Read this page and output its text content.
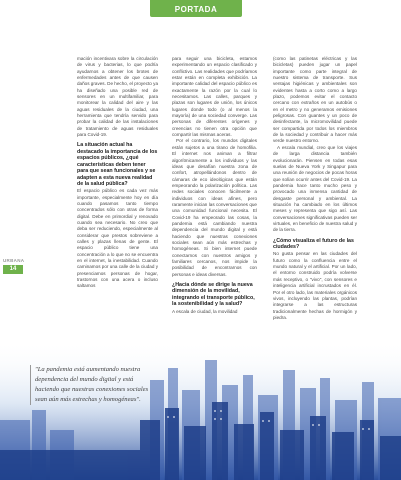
PORTADA
URBANA
14

mación incentivara sobre la circulación de virus y bacterias, lo que podría ayudarnos a obtener los brotes de enfermedades antes de que causen daños graves. De hecho, el proyecto ya ha diseñado una posible red de sensores en un multifamiliar, para monitorear la calidad del aire y las aguas residuales de la ciudad, una herramienta que tendría servido para probar la calidad de las instalaciones de tratamiento de aguas residuales para Covid-19.

La situación actual ha destacado la importancia de los espacios públicos, ¿qué características deben tener para que sean funcionales y se adapten a esta nueva realidad de la salud pública?

El espacio público es cada vez más importante, especialmente hoy en día cuando pasamos tanto tiempo concentrados sólo con otras de forma digital. Debe en primordial y renovado cuando sea necesario. No creo que deba ser reduciendo, especialmente al considerar que prestos sobreviene a calles y plazas llenas de gente. El espacio público tiene una concentración a lo que no se encuentra en el internet, la inestabilidad. Cuando caminamos por una calle de la ciudad y presenciamos personas de hogar, trastornos con una acera o incluso saltamos

para seguir una bicicleta, estamos experimentando un espacio clasificado y conflictivo. Las realidades que podríamos estar están en completa exhibición. La importante calidad del espacio público es exactamente la razón por la cual lo necesitamos. Las calles, parques y plazas son lugares de unión, los únicos lugares donde todo (o al menos la mayoría) de una sociedad converge. Las personas de diferentes orígenes y creencias no tienen otra opción que compartir las mismas aceras.

Por el contrario, los mundos digitales están sujetos a una tirano de homofilia. El internet nos animan a filtrar algorítmicamente a los individuos y las ideas que desafían nuestra zona de confort, atropellándonos dentro de cámaras de eco ideológicas que están empeorando la polarización política. Las redes sociales conocen fácilmente a individuos con ideas afines, pero raramente inician las conversaciones que una comunidad funcional necesita. El Covid-19 ha empeorado las cosas, la pandemia está cambiando nuestra dependencia del mundo digital y está haciendo que nuestras conexiones sociales sean aún más estrechas y homogéneas. Si bien internet puede conectarnos con nuestros amigos y familiares cercanos, nos impide la posibilidad de encontrarnos con personas e ideas diversas.

¿Hacia dónde se dirige la nueva dimensión de la movilidad, integrando el transporte público, la sostenibilidad y la salud?

A escala de ciudad, la movilidad

(como las patinetas eléctricas y las bicicletas) pueden jugar un papel importante como parte integral de nuestro sistema de transporte. Sus ventajas higiénicas y ambientales son evidentes hasta a corto como a largo plazo, podemos evitar el contacto cercano con extraños en un autobús o en el metro y no generamos emisiones peligrosas. Con guantes y un poco de desinfectante, la micromovilidad puede ser compartida por todos los miembros de la sociedad y contribuir a hacer más verde nuestro entorno.

A escala mundial, creo que los viajes de larga distancia también evolucionarán. Piensen en todas esas suelas de Nueva York y Singapur para una reunión de negocios de pocas horas que solían ocurrir antes del Covid-19. La pandemia hace tanto mucho peso y provocado una inmensa cantidad de desgaste personal y ambiental. La situación ha cambiado en los últimos meses y representa que sigo así. Las conversaciones significativas pueden ser virtuales, en beneficio de nuestra salud y de la tierra.

¿Cómo visualiza el futuro de las ciudades?

No gusta pensar en las ciudades del futuro como la confluencia entre el mundo natural y el artificial. Por un lado, el entorno construido podría volverse más receptivo, o "vivo", con sensores e inteligencia artificial incrustados en él. Por el otro lado, las materiales orgánicos vivos, incluyendo las plantas, podrían integrarse a las estructuras tradicionalmente hechas de hormigón y piedra.

"La pandemia está aumentando nuestra dependencia del mundo digital y está haciendo que nuestras conexiones sociales sean aún más estrechas y homogéneas".
